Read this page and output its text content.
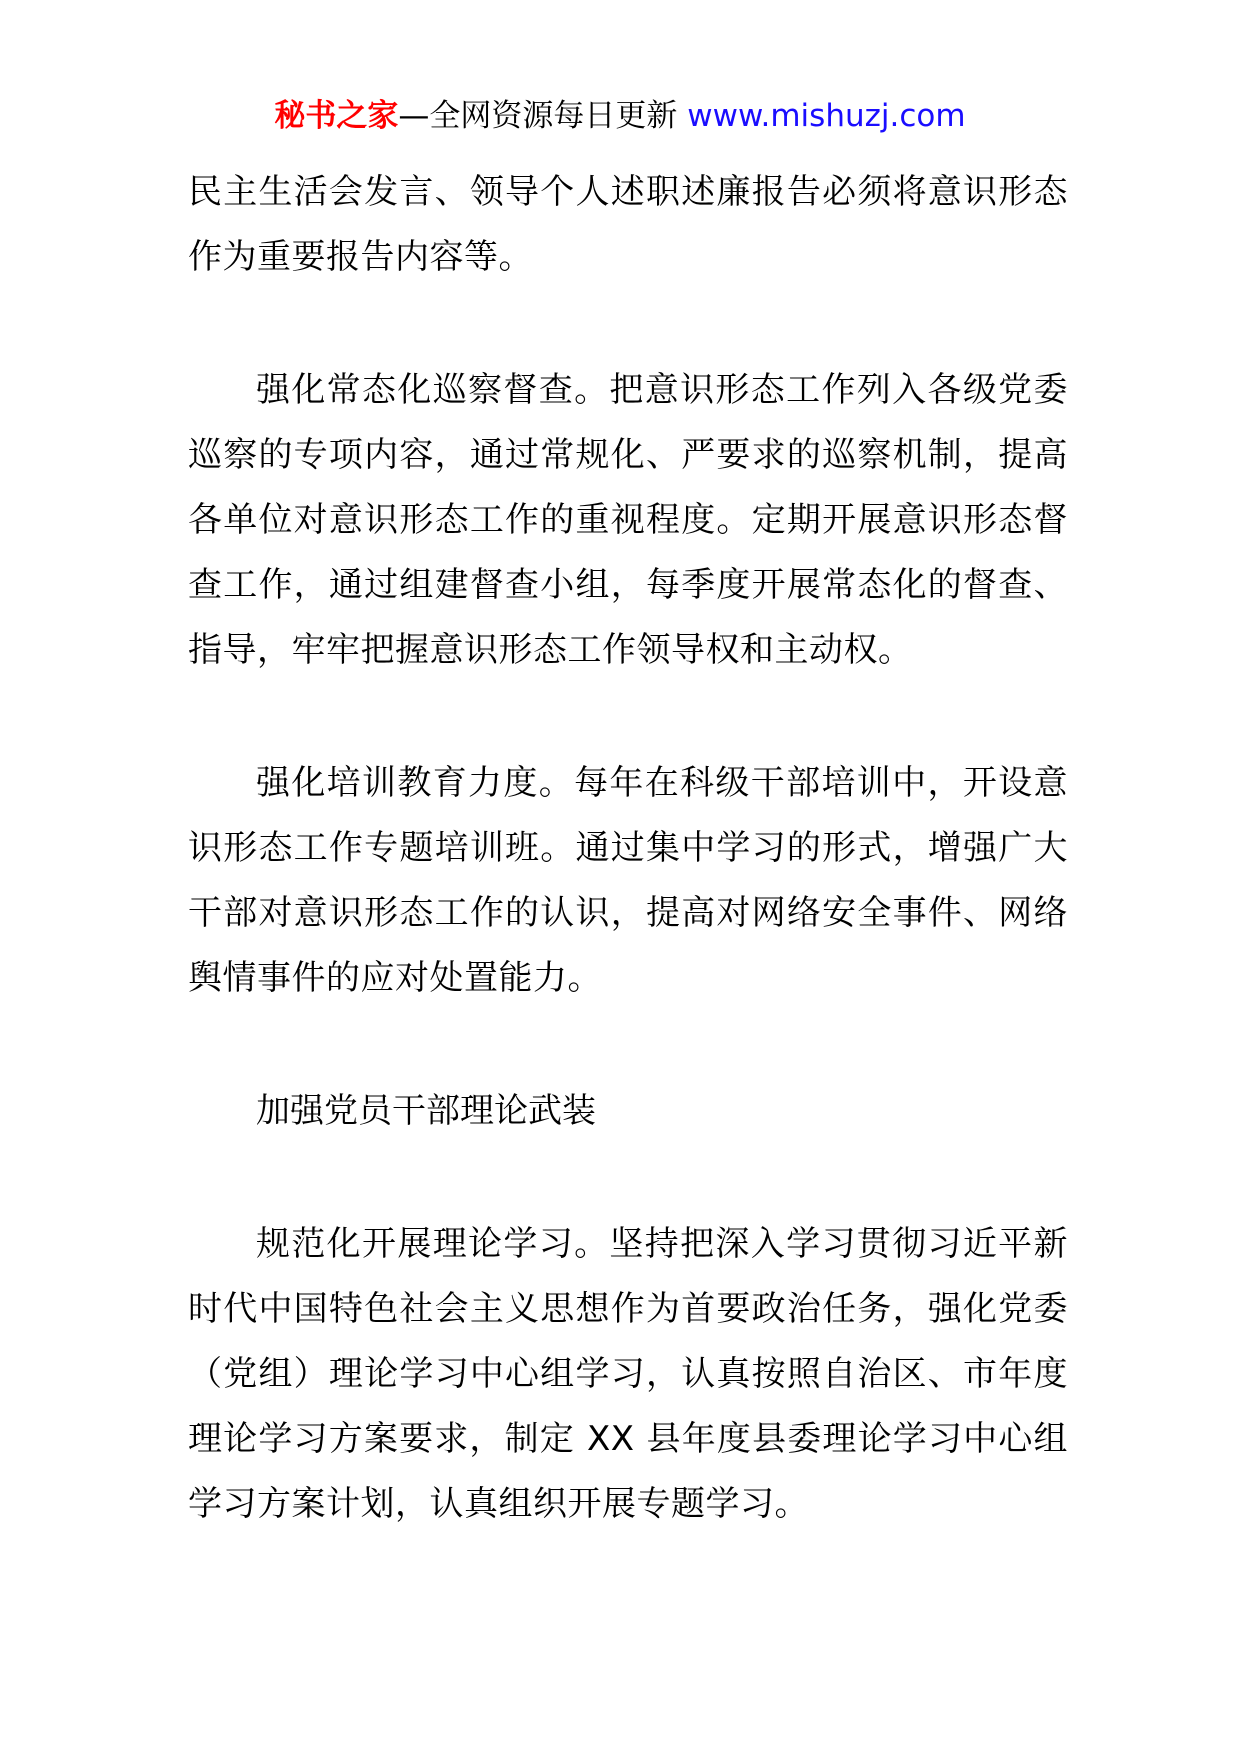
秘书之家—全网资源每日更新 www.mishuzj.com

民主生活会发言、领导个人述职述廉报告必须将意识形态作为重要报告内容等。

强化常态化巡察督查。把意识形态工作列入各级党委巡察的专项内容，通过常规化、严要求的巡察机制，提高各单位对意识形态工作的重视程度。定期开展意识形态督查工作，通过组建督查小组，每季度开展常态化的督查、指导，牢牢把握意识形态工作领导权和主动权。

强化培训教育力度。每年在科级干部培训中，开设意识形态工作专题培训班。通过集中学习的形式，增强广大干部对意识形态工作的认识，提高对网络安全事件、网络舆情事件的应对处置能力。

加强党员干部理论武装

规范化开展理论学习。坚持把深入学习贯彻习近平新时代中国特色社会主义思想作为首要政治任务，强化党委（党组）理论学习中心组学习，认真按照自治区、市年度理论学习方案要求，制定 XX 县年度县委理论学习中心组学习方案计划，认真组织开展专题学习。
